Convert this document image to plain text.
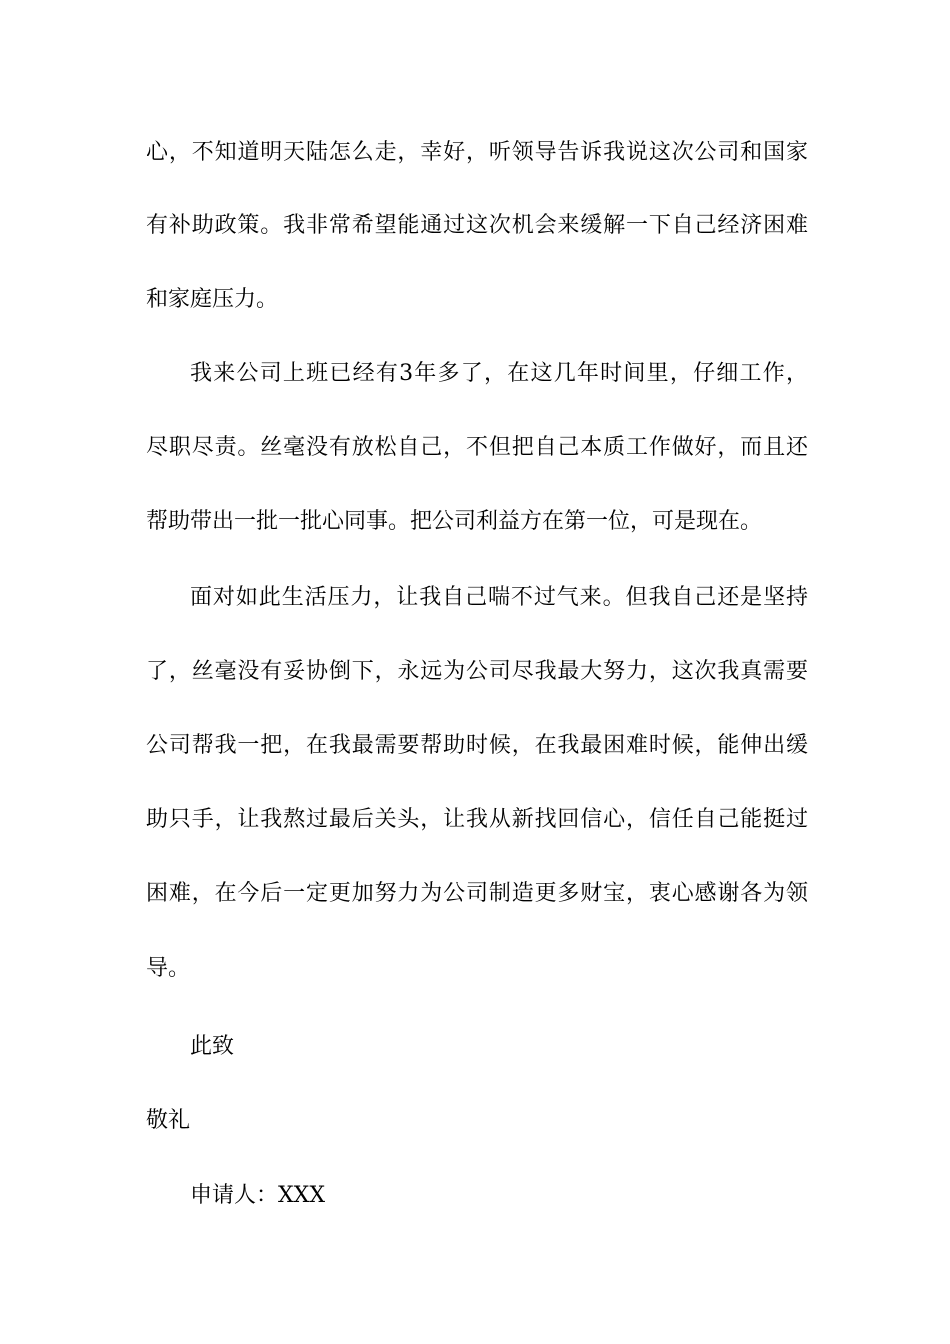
心，不知道明天陆怎么走，幸好，听领导告诉我说这次公司和国家
有补助政策。我非常希望能通过这次机会来缓解一下自己经济困难
和家庭压力。
我来公司上班已经有3年多了，在这几年时间里，仔细工作，
尽职尽责。丝毫没有放松自己，不但把自己本质工作做好，而且还
帮助带出一批一批心同事。把公司利益方在第一位，可是现在。
面对如此生活压力，让我自己喘不过气来。但我自己还是坚持
了，丝毫没有妥协倒下，永远为公司尽我最大努力，这次我真需要
公司帮我一把，在我最需要帮助时候，在我最困难时候，能伸出缓
助只手，让我熬过最后关头，让我从新找回信心，信任自己能挺过
困难，在今后一定更加努力为公司制造更多财宝，衷心感谢各为领
导。
此致
敬礼
申请人：XXX
